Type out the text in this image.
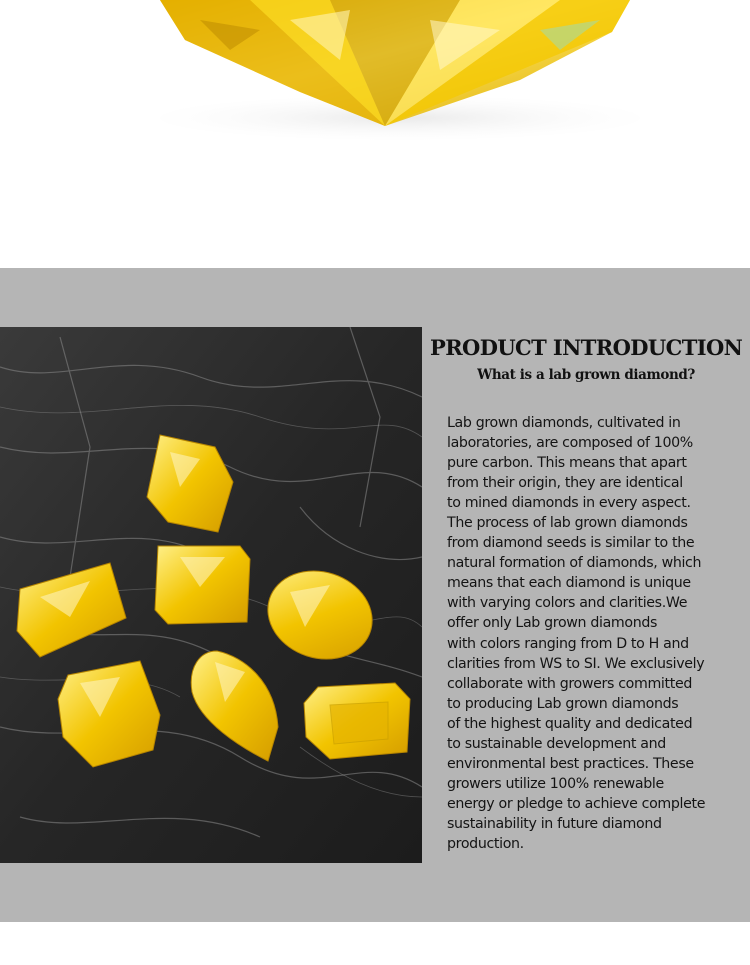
PRODUCT INTRODUCTION
What is a lab grown diamond?
Lab grown diamonds, cultivated in
laboratories, are composed of 100%
pure carbon. This means that apart
from their origin, they are identical
to mined diamonds in every aspect.
The process of lab grown diamonds
from diamond seeds is similar to the
natural formation of diamonds, which
means that each diamond is unique
with varying colors and clarities.We
offer only Lab grown diamonds
with colors ranging from D to H and
clarities from WS to SI. We exclusively
collaborate with growers committed
to producing Lab grown diamonds
of the highest quality and dedicated
to sustainable development and
environmental best practices. These
growers utilize 100% renewable
energy or pledge to achieve complete
sustainability in future diamond
production.
